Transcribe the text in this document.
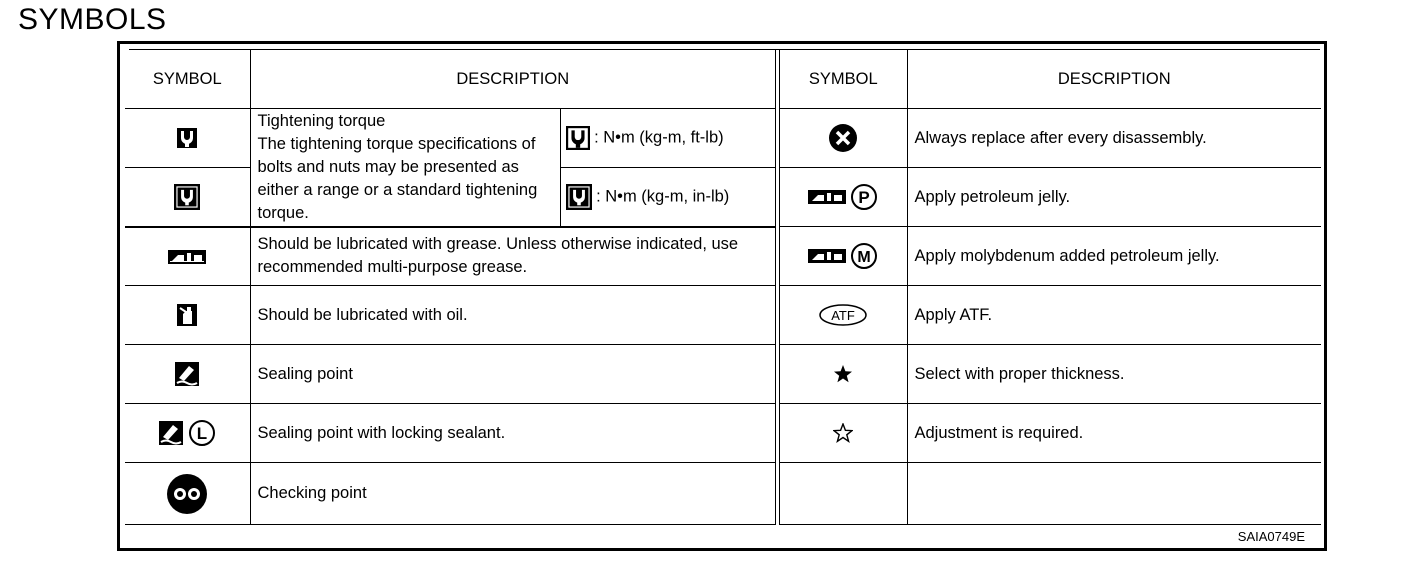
SYMBOLS
SYMBOL	DESCRIPTION	
	Tightening torque
The tightening torque specifications of bolts and nuts may be presented as either a range or a standard tightening torque.	: N•m (kg-m, ft-lb)
	: N•m (kg-m, in-lb)
	Should be lubricated with grease. Unless otherwise indicated, use recommended multi-purpose grease.	
	Should be lubricated with oil.	
	Sealing point	

L	Sealing point with locking sealant.	
	Checking point	
SYMBOL	DESCRIPTION
	Always replace after every disassembly.

P	Apply petroleum jelly.

M	Apply molybdenum added petroleum jelly.

ATF	Apply ATF.
	Select with proper thickness.
	Adjustment is required.

SAIA0749E
